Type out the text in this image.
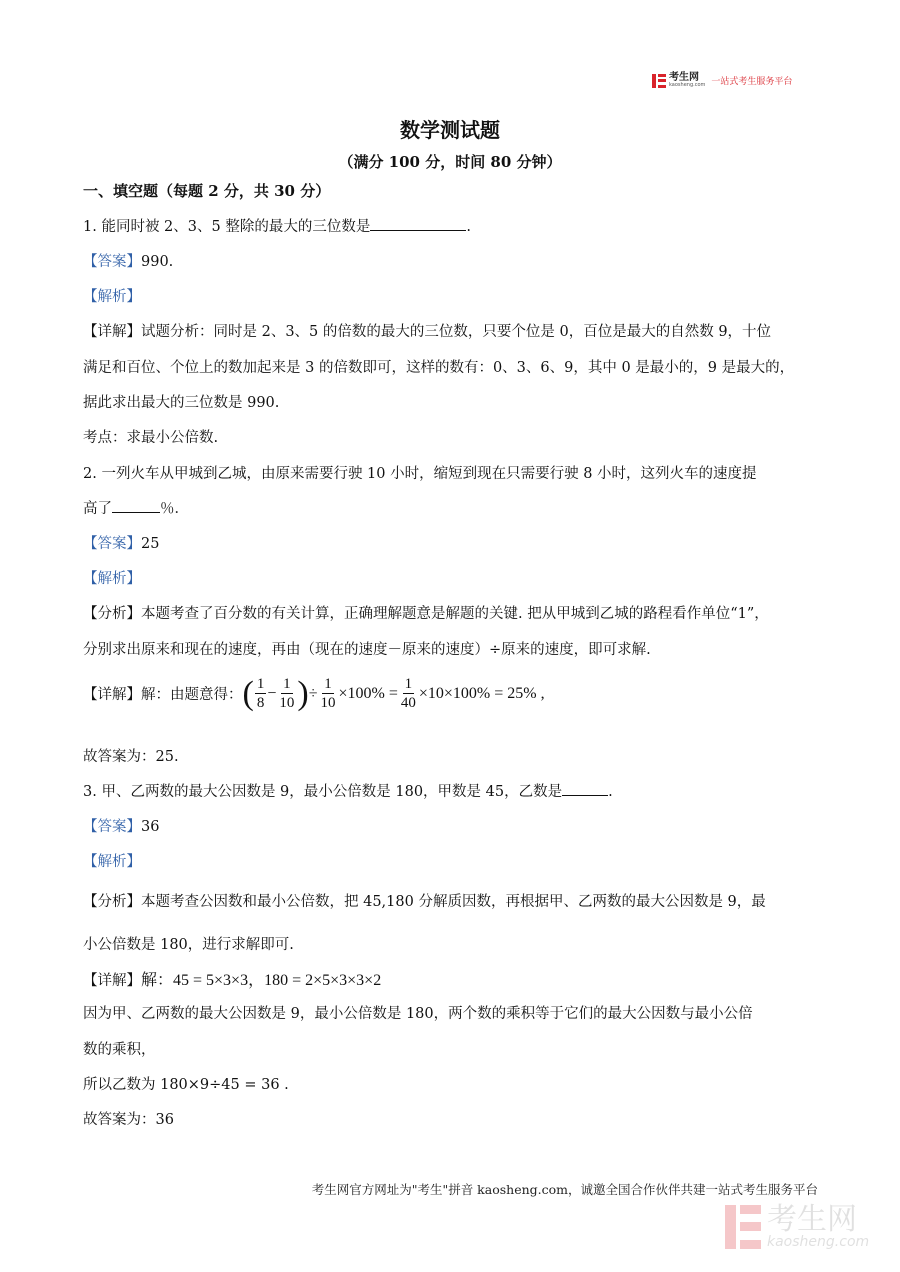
考生网
kaosheng.com 一站式考生服务平台
数学测试题
（满分 100 分，时间 80 分钟）
一、填空题（每题 2 分，共 30 分）
1. 能同时被 2、3、5 整除的最大的三位数是	.
【答案】990.
【解析】
【详解】试题分析：同时是 2、3、5 的倍数的最大的三位数，只要个位是 0，百位是最大的自然数 9，十位
满足和百位、个位上的数加起来是 3 的倍数即可，这样的数有：0、3、6、9，其中 0 是最小的，9 是最大的，
据此求出最大的三位数是 990.
考点：求最小公倍数.
2. 一列火车从甲城到乙城，由原来需要行驶 10 小时，缩短到现在只需要行驶 8 小时，这列火车的速度提
高了	％．
【答案】25
【解析】
【分析】本题考查了百分数的有关计算，正确理解题意是解题的关键. 把从甲城到乙城的路程看作单位“1”，
分别求出原来和现在的速度，再由（现在的速度－原来的速度）÷原来的速度，即可求解.
【详解】 解：由题意得： ( $\frac{1}{8} - \frac{1}{10}$ ) ÷ $\frac{1}{10} \times 100\% = \frac{1}{40} \times 10\times 100\% = 25\%$ ,
故答案为：25.
3. 甲、乙两数的最大公因数是 9，最小公倍数是 180，甲数是 45，乙数是	.
【答案】36
【解析】
【分析】本题考查公因数和最小公倍数，把 45,180 分解质因数，再根据甲、乙两数的最大公因数是 9，最
小公倍数是 180，进行求解即可.
【详解】解：45 = 5×3×3，180 = 2×5×3×3×2
因为甲、乙两数的最大公因数是 9，最小公倍数是 180，两个数的乘积等于它们的最大公因数与最小公倍
数的乘积，
所以乙数为 180×9÷45 = 36 .
故答案为：36
考生网官方网址为"考生"拼音 kaosheng.com，诚邀全国合作伙伴共建一站式考生服务平台
考生网
kaosheng.com
